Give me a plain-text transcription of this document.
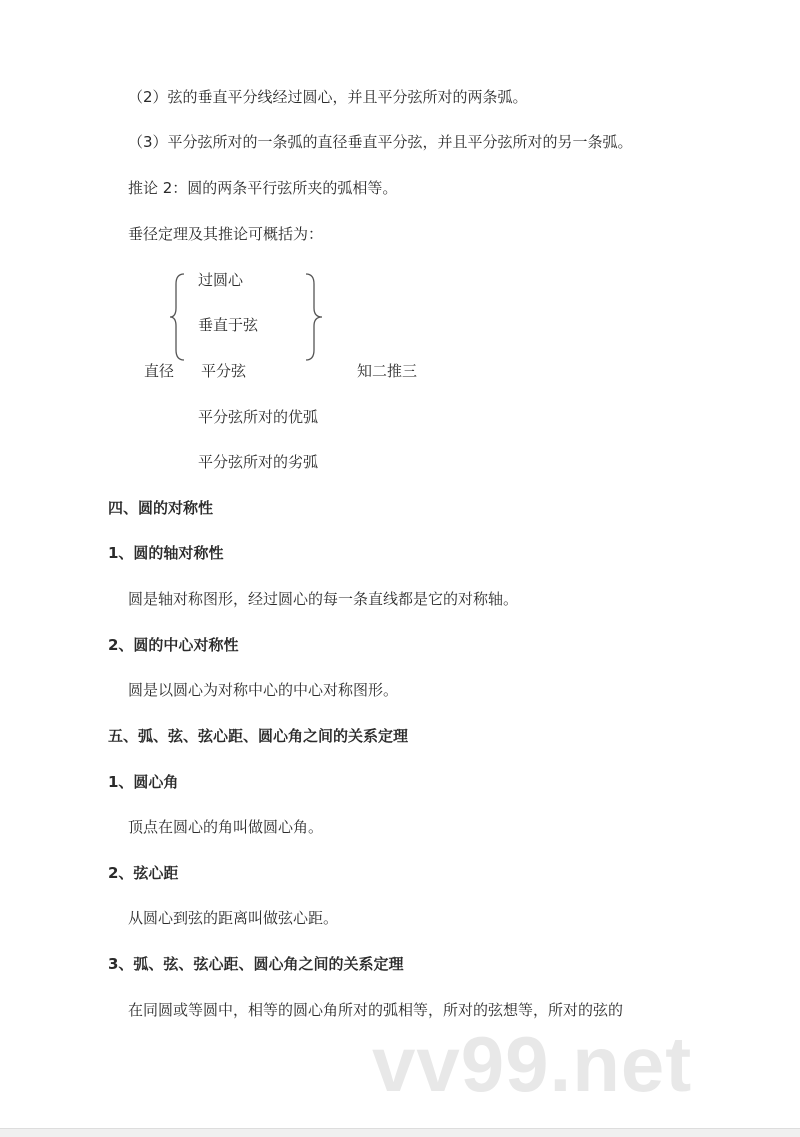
vv99.net
（2）弦的垂直平分线经过圆心，并且平分弦所对的两条弧。
（3）平分弦所对的一条弧的直径垂直平分弦，并且平分弦所对的另一条弧。
推论 2：圆的两条平行弦所夹的弧相等。
垂径定理及其推论可概括为：
过圆心
垂直于弦
直径 平分弦	知二推三
平分弦所对的优弧
平分弦所对的劣弧
四、圆的对称性
1、圆的轴对称性
圆是轴对称图形，经过圆心的每一条直线都是它的对称轴。
2、圆的中心对称性
圆是以圆心为对称中心的中心对称图形。
五、弧、弦、弦心距、圆心角之间的关系定理
1、圆心角
顶点在圆心的角叫做圆心角。
2、弦心距
从圆心到弦的距离叫做弦心距。
3、弧、弦、弦心距、圆心角之间的关系定理
在同圆或等圆中，相等的圆心角所对的弧相等，所对的弦想等，所对的弦的
